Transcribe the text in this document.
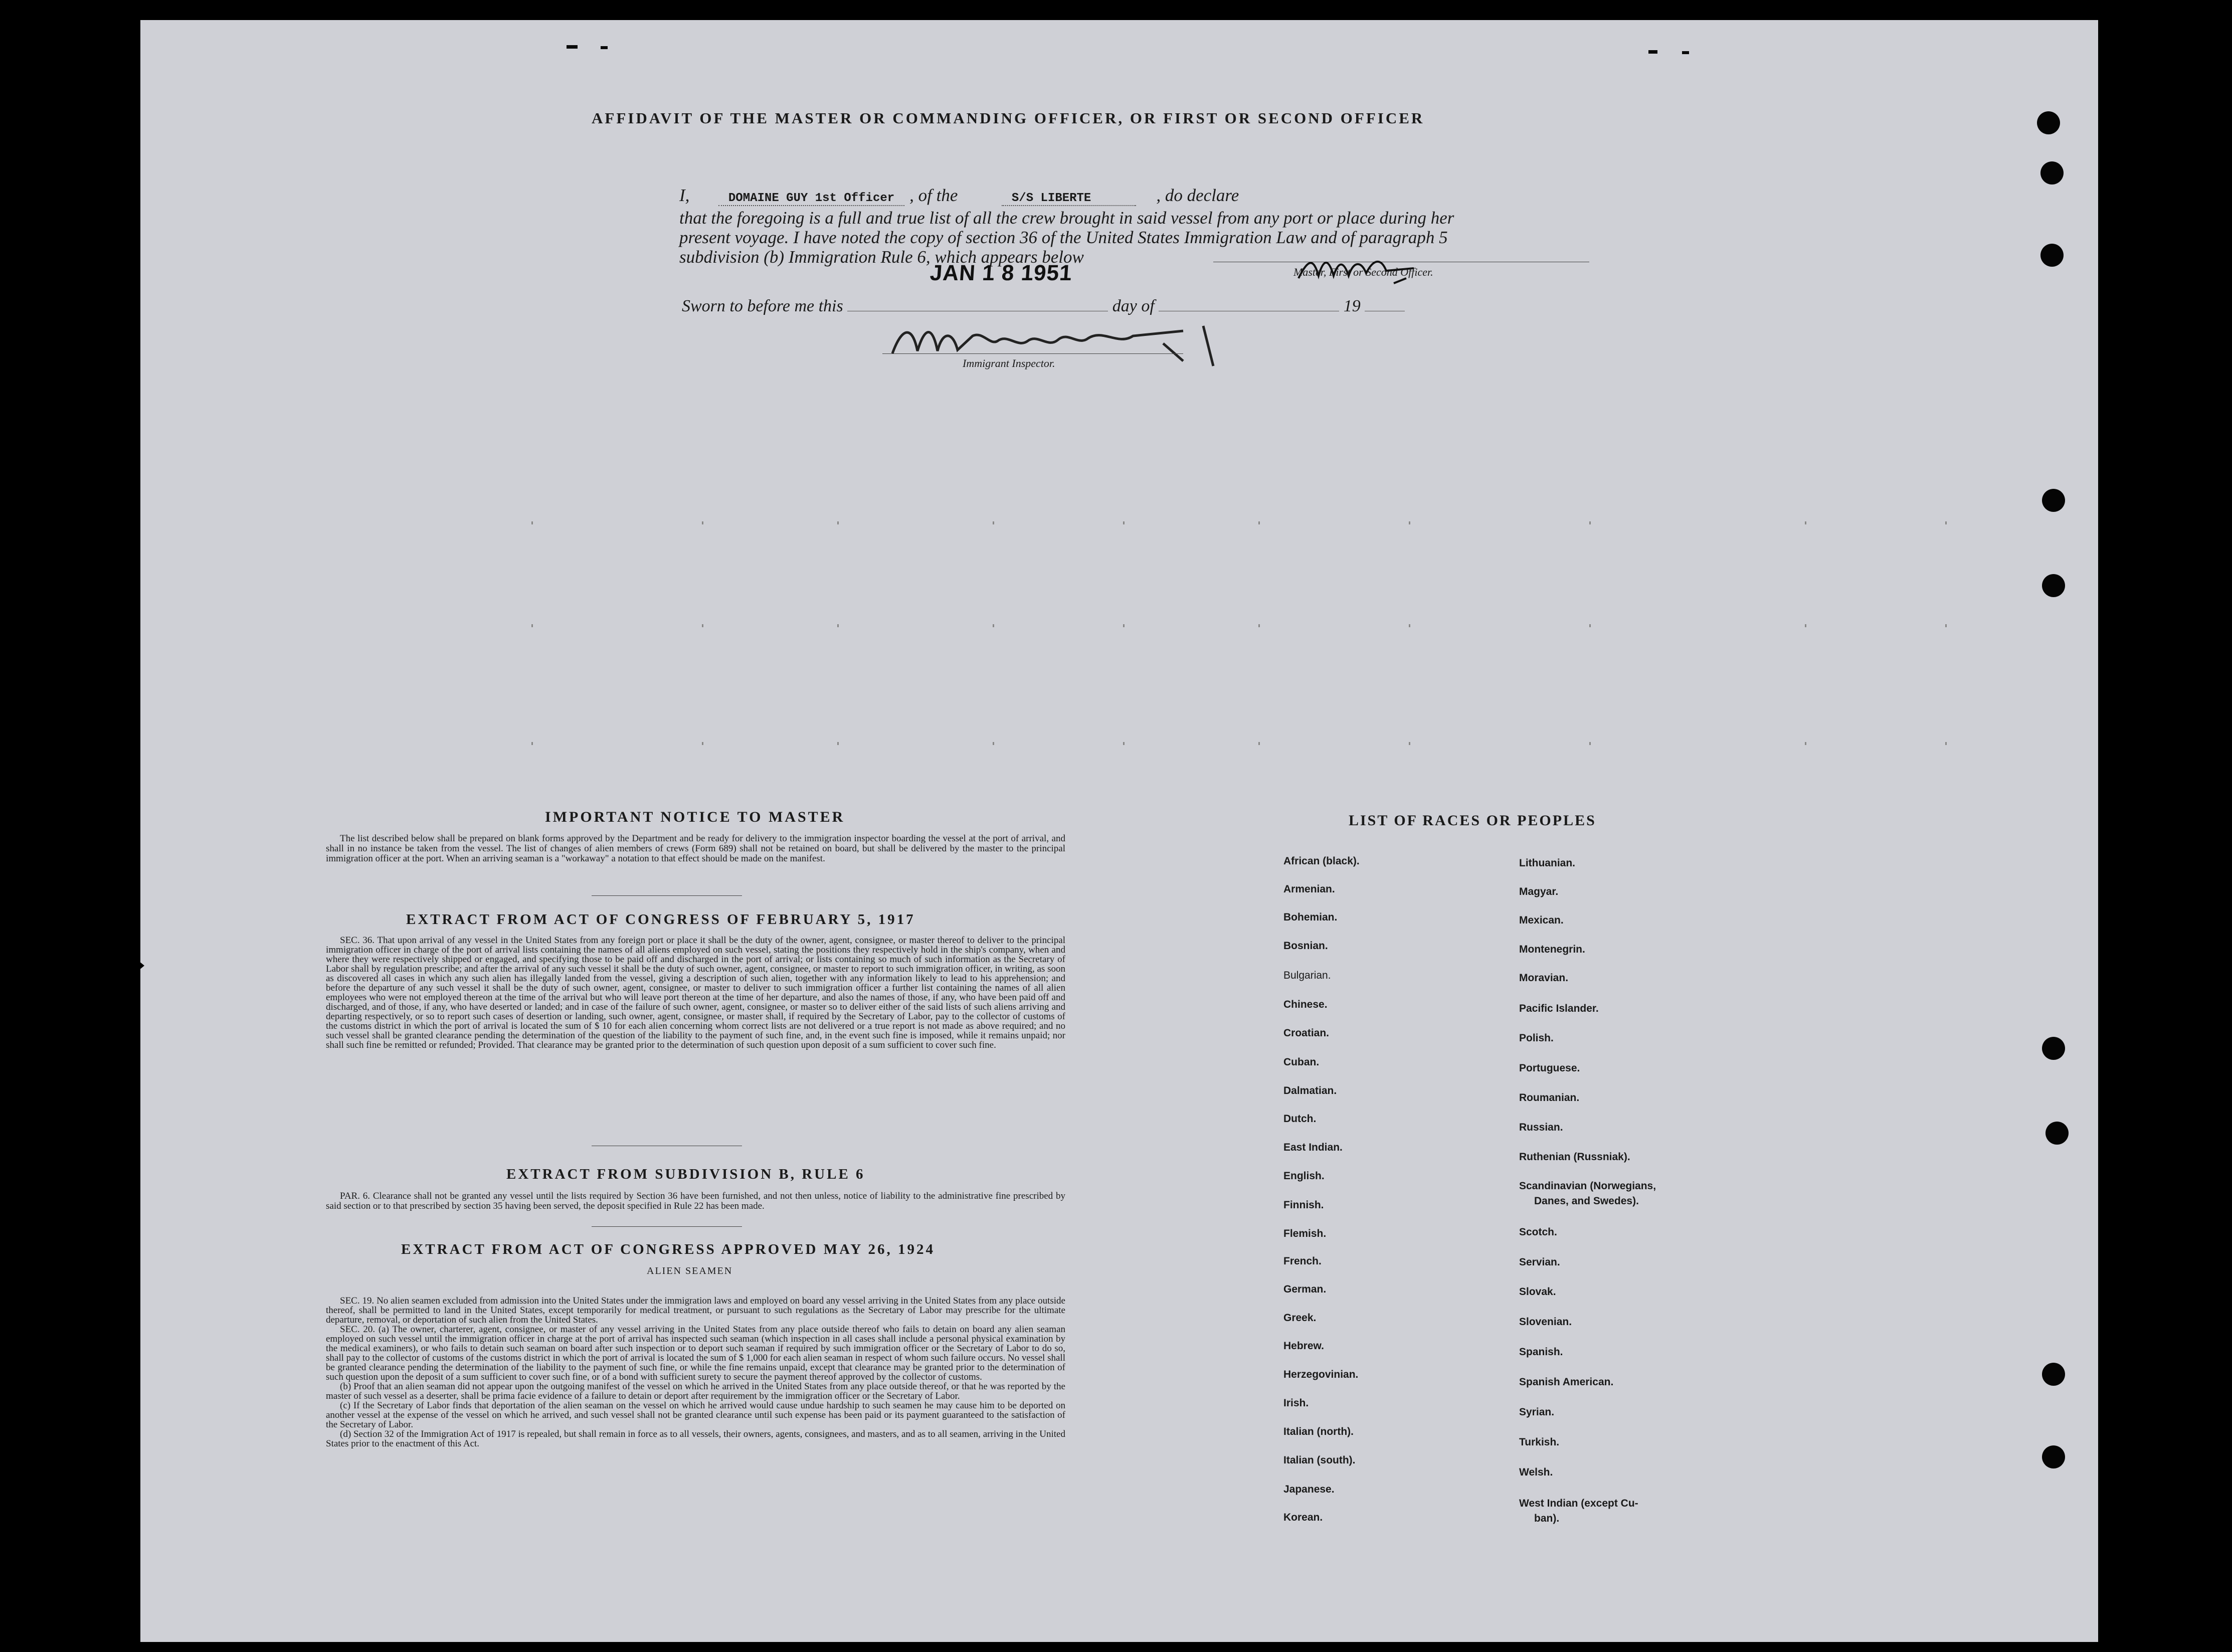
AFFIDAVIT OF THE MASTER OR COMMANDING OFFICER, OR FIRST OR SECOND OFFICER
I,	DOMAINE GUY 1st Officer , of the	S/S LIBERTE	, do declare
that the foregoing is a full and true list of all the crew brought in said vessel from any port or place during her
present voyage. I have noted the copy of section 36 of the United States Immigration Law and of paragraph 5
subdivision (b) Immigration Rule 6, which appears below
JAN 1 8 1951	Master, First or Second Officer.
Sworn to before me this	day of	19
Immigrant Inspector.
IMPORTANT NOTICE TO MASTER

The list described below shall be prepared on blank forms approved by the Department and be ready for delivery to the immigration inspector boarding the vessel at the port of arrival, and shall in no instance be taken from the vessel. The list of changes of alien members of crews (Form 689) shall not be retained on board, but shall be delivered by the master to the principal immigration officer at the port. When an arriving seaman is a "workaway" a notation to that effect should be made on the manifest.

EXTRACT FROM ACT OF CONGRESS OF FEBRUARY 5, 1917

SEC. 36. That upon arrival of any vessel in the United States from any foreign port or place it shall be the duty of the owner, agent, consignee, or master thereof to deliver to the principal immigration officer in charge of the port of arrival lists containing the names of all aliens employed on such vessel, stating the positions they respectively hold in the ship's company, when and where they were respectively shipped or engaged, and specifying those to be paid off and discharged in the port of arrival; or lists containing so much of such information as the Secretary of Labor shall by regulation prescribe; and after the arrival of any such vessel it shall be the duty of such owner, agent, consignee, or master to report to such immigration officer, in writing, as soon as discovered all cases in which any such alien has illegally landed from the vessel, giving a description of such alien, together with any information likely to lead to his apprehension; and before the departure of any such vessel it shall be the duty of such owner, agent, consignee, or master to deliver to such immigration officer a further list containing the names of all alien employees who were not employed thereon at the time of the arrival but who will leave port thereon at the time of her departure, and also the names of those, if any, who have been paid off and discharged, and of those, if any, who have deserted or landed; and in case of the failure of such owner, agent, consignee, or master so to deliver either of the said lists of such aliens arriving and departing respectively, or so to report such cases of desertion or landing, such owner, agent, consignee, or master shall, if required by the Secretary of Labor, pay to the collector of customs of the customs district in which the port of arrival is located the sum of $ 10 for each alien concerning whom correct lists are not delivered or a true report is not made as above required; and no such vessel shall be granted clearance pending the determination of the question of the liability to the payment of such fine, and, in the event such fine is imposed, while it remains unpaid; nor shall such fine be remitted or refunded; Provided. That clearance may be granted prior to the determination of such question upon deposit of a sum sufficient to cover such fine.

EXTRACT FROM SUBDIVISION B, RULE 6

PAR. 6. Clearance shall not be granted any vessel until the lists required by Section 36 have been furnished, and not then unless, notice of liability to the administrative fine prescribed by said section or to that prescribed by section 35 having been served, the deposit specified in Rule 22 has been made.

EXTRACT FROM ACT OF CONGRESS APPROVED MAY 26, 1924
ALIEN SEAMEN

SEC. 19. No alien seamen excluded from admission into the United States under the immigration laws and employed on board any vessel arriving in the United States from any place outside thereof, shall be permitted to land in the United States, except temporarily for medical treatment, or pursuant to such regulations as the Secretary of Labor may prescribe for the ultimate departure, removal, or deportation of such alien from the United States.

SEC. 20. (a) The owner, charterer, agent, consignee, or master of any vessel arriving in the United States from any place outside thereof who fails to detain on board any alien seaman employed on such vessel until the immigration officer in charge at the port of arrival has inspected such seaman (which inspection in all cases shall include a personal physical examination by the medical examiners), or who fails to detain such seaman on board after such inspection or to deport such seaman if required by such immigration officer or the Secretary of Labor to do so, shall pay to the collector of customs of the customs district in which the port of arrival is located the sum of $ 1,000 for each alien seaman in respect of whom such failure occurs. No vessel shall be granted clearance pending the determination of the liability to the payment of such fine, or while the fine remains unpaid, except that clearance may be granted prior to the determination of such question upon the deposit of a sum sufficient to cover such fine, or of a bond with sufficient surety to secure the payment thereof approved by the collector of customs.

(b) Proof that an alien seaman did not appear upon the outgoing manifest of the vessel on which he arrived in the United States from any place outside thereof, or that he was reported by the master of such vessel as a deserter, shall be prima facie evidence of a failure to detain or deport after requirement by the immigration officer or the Secretary of Labor.

(c) If the Secretary of Labor finds that deportation of the alien seaman on the vessel on which he arrived would cause undue hardship to such seamen he may cause him to be deported on another vessel at the expense of the vessel on which he arrived, and such vessel shall not be granted clearance until such expense has been paid or its payment guaranteed to the satisfaction of the Secretary of Labor.

(d) Section 32 of the Immigration Act of 1917 is repealed, but shall remain in force as to all vessels, their owners, agents, consignees, and masters, and as to all seamen, arriving in the United States prior to the enactment of this Act.

LIST OF RACES OR PEOPLES
African (black).
Armenian.
Bohemian.
Bosnian.
Bulgarian.
Chinese.
Croatian.
Cuban.
Dalmatian.
Dutch.
East Indian.
English.
Finnish.
Flemish.
French.
German.
Greek.
Hebrew.
Herzegovinian.
Irish.
Italian (north).
Italian (south).
Japanese.
Korean.
Lithuanian.
Magyar.
Mexican.
Montenegrin.
Moravian.
Pacific Islander.
Polish.
Portuguese.
Roumanian.
Russian.
Ruthenian (Russniak).
Scandinavian (Norwegians,
Danes, and Swedes).
Scotch.
Servian.
Slovak.
Slovenian.
Spanish.
Spanish American.
Syrian.
Turkish.
Welsh.
West Indian (except Cu-
ban).
